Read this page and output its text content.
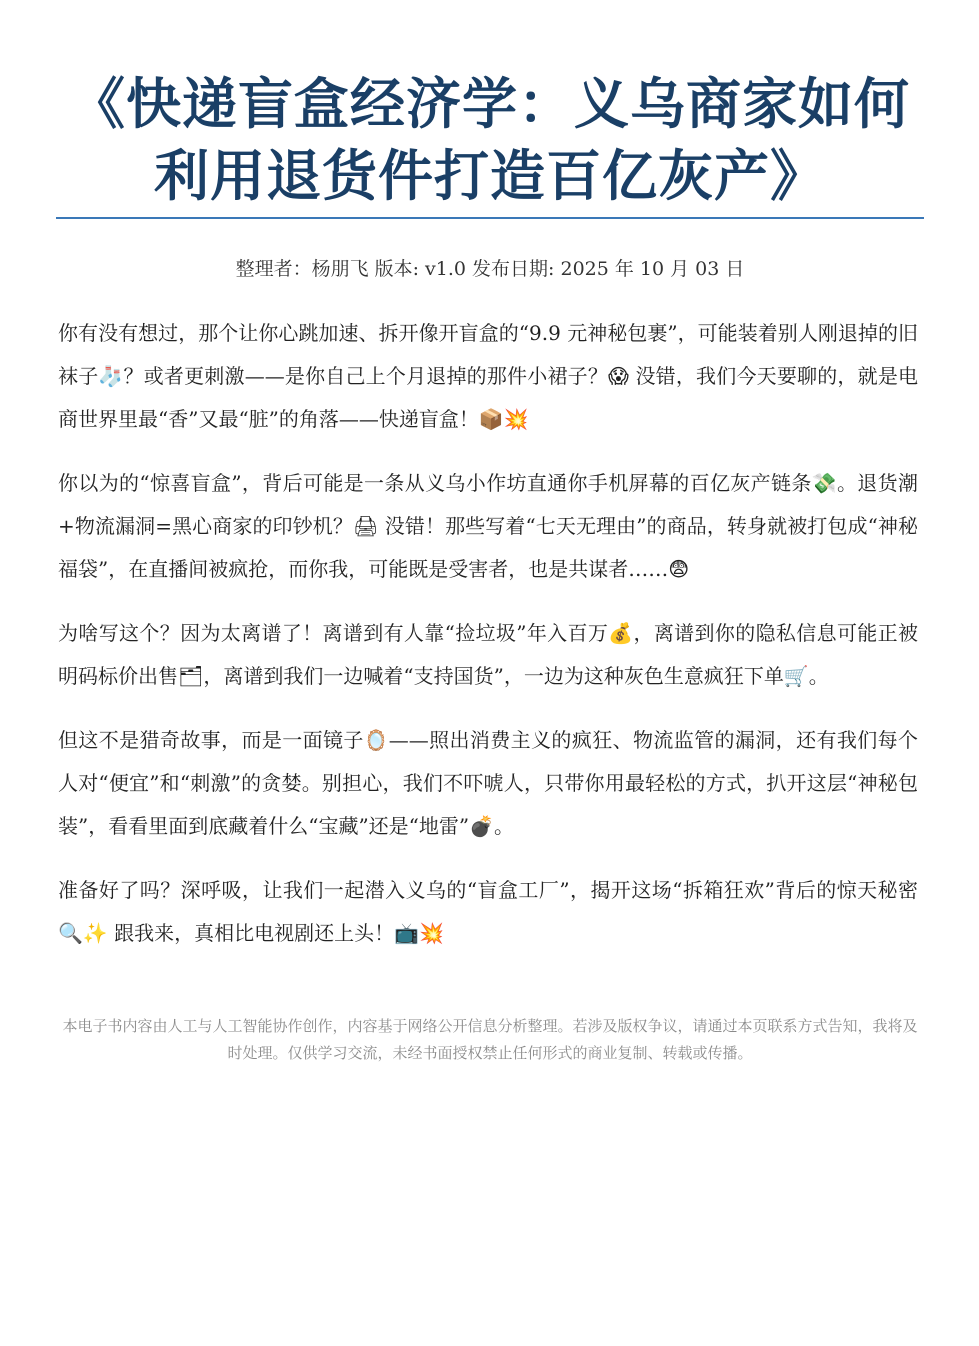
《快递盲盒经济学：义乌商家如何利用退货件打造百亿灰产》
整理者：杨朋飞 版本: v1.0 发布日期: 2025 年 10 月 03 日

你有没有想过，那个让你心跳加速、拆开像开盲盒的“9.9 元神秘包裹”，可能装着别人刚退掉的旧袜子🧦？或者更刺激——是你自己上个月退掉的那件小裙子？😱 没错，我们今天要聊的，就是电商世界里最“香”又最“脏”的角落——快递盲盒！📦💥

你以为的“惊喜盲盒”，背后可能是一条从义乌小作坊直通你手机屏幕的百亿灰产链条💸。退货潮+物流漏洞=黑心商家的印钞机？🖨 没错！那些写着“七天无理由”的商品，转身就被打包成“神秘福袋”，在直播间被疯抢，而你我，可能既是受害者，也是共谋者……😨

为啥写这个？因为太离谱了！离谱到有人靠“捡垃圾”年入百万💰，离谱到你的隐私信息可能正被明码标价出售🗂，离谱到我们一边喊着“支持国货”，一边为这种灰色生意疯狂下单🛒。

但这不是猎奇故事，而是一面镜子🪞——照出消费主义的疯狂、物流监管的漏洞，还有我们每个人对“便宜”和“刺激”的贪婪。别担心，我们不吓唬人，只带你用最轻松的方式，扒开这层“神秘包装”，看看里面到底藏着什么“宝藏”还是“地雷”💣。

准备好了吗？深呼吸，让我们一起潜入义乌的“盲盒工厂”，揭开这场“拆箱狂欢”背后的惊天秘密🔍✨ 跟我来，真相比电视剧还上头！📺💥

本电子书内容由人工与人工智能协作创作，内容基于网络公开信息分析整理。若涉及版权争议，请通过本页联系方式告知，我将及时处理。仅供学习交流，未经书面授权禁止任何形式的商业复制、转载或传播。
